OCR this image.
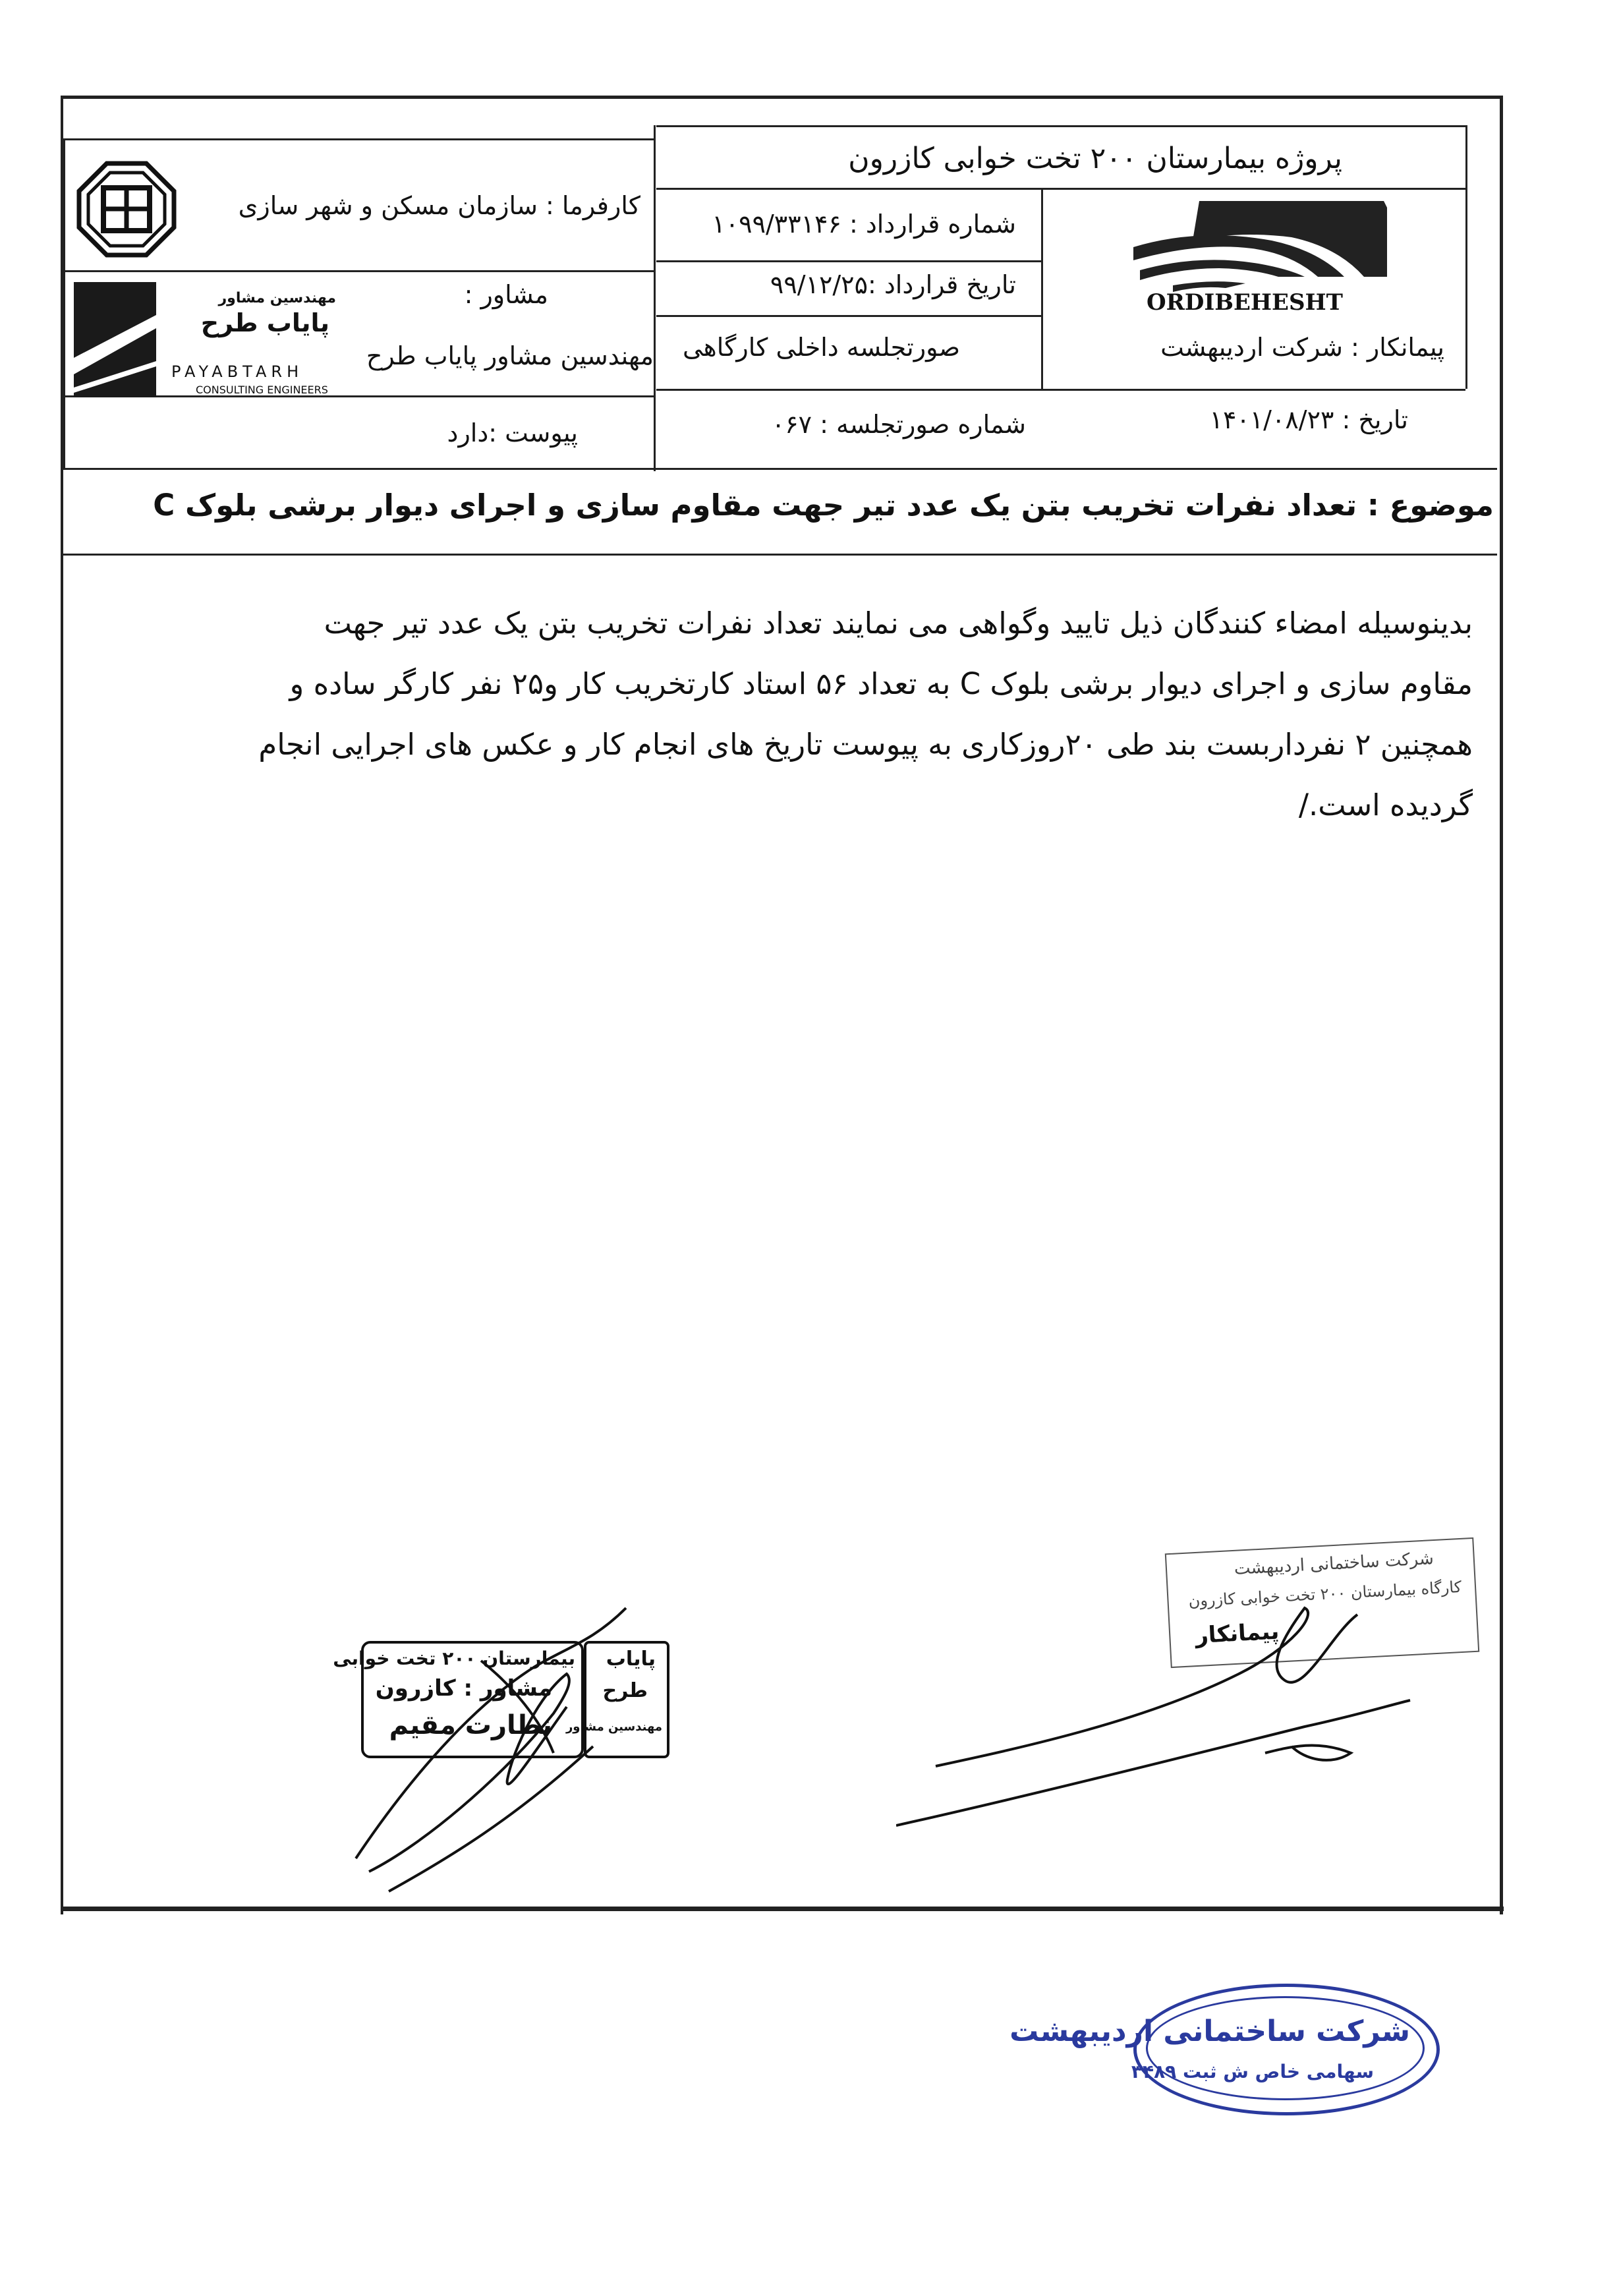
پروژه بیمارستان ۲۰۰ تخت خوابی کازرون
کارفرما : سازمان مسکن و شهر سازی
شماره قرارداد : ۱۰۹۹/۳۳۱۴۶
تاریخ قرارداد :۹۹/۱۲/۲۵
صورتجلسه داخلی کارگاهی
ORDIBEHESHT
پیمانکار : شرکت اردیبهشت
مهندسین مشاور
پایاب طرح
PAYABTARH
CONSULTING ENGINEERS
مشاور :
مهندسین مشاور پایاب طرح
پیوست :دارد	شماره صورتجلسه : ۰۶۷	تاریخ : ۱۴۰۱/۰۸/۲۳
موضوع : تعداد نفرات تخریب بتن یک عدد تیر جهت مقاوم سازی و اجرای دیوار برشی بلوک C
بدینوسیله امضاء کنندگان ذیل تایید وگواهی می نمایند تعداد نفرات تخریب بتن یک عدد تیر جهت
مقاوم سازی و اجرای دیوار برشی بلوک C به تعداد ۵۶ استاد کارتخریب کار و۲۵ نفر کارگر ساده و
همچنین ۲ نفرداربست بند طی ۲۰روزکاری به پیوست تاریخ های انجام کار و عکس های اجرایی انجام
گردیده است./
بیمارستان ۲۰۰ تخت خوابی
مشاور : کازرون
نظارت مقیم
پایاب
طرح
مهندسین مشاور
شرکت ساختمانی اردیبهشت
کارگاه بیمارستان ۲۰۰ تخت خوابی کازرون
پیمانکار
شرکت ساختمانی اردیبهشت
سهامی خاص ش ثبت ۳۴۸۹
